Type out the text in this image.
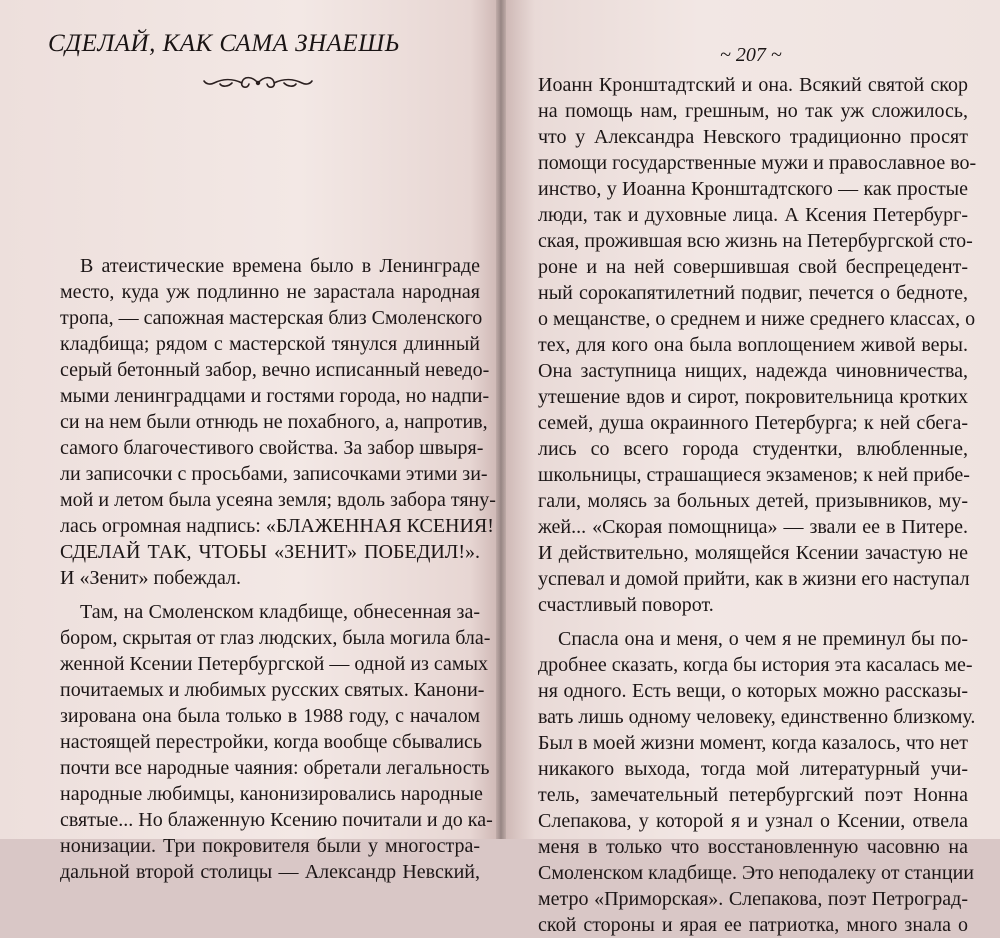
СДЕЛАЙ, КАК САМА ЗНАЕШЬ
В атеистические времена было в Ленинграде
место, куда уж подлинно не зарастала народная
тропа, — сапожная мастерская близ Смоленского
кладбища; рядом с мастерской тянулся длинный
серый бетонный забор, вечно исписанный неведо-
мыми ленинградцами и гостями города, но надпи-
си на нем были отнюдь не похабного, а, напротив,
самого благочестивого свойства. За забор швыря-
ли записочки с просьбами, записочками этими зи-
мой и летом была усеяна земля; вдоль забора тяну-
лась огромная надпись: «БЛАЖЕННАЯ КСЕНИЯ!
СДЕЛАЙ ТАК, ЧТОБЫ «ЗЕНИТ» ПОБЕДИЛ!».
И «Зенит» побеждал.
Там, на Смоленском кладбище, обнесенная за-
бором, скрытая от глаз людских, была могила бла-
женной Ксении Петербургской — одной из самых
почитаемых и любимых русских святых. Канони-
зирована она была только в 1988 году, с началом
настоящей перестройки, когда вообще сбывались
почти все народные чаяния: обретали легальность
народные любимцы, канонизировались народные
святые... Но блаженную Ксению почитали и до ка-
нонизации. Три покровителя были у многостра-
дальной второй столицы — Александр Невский,
Иоанн Кронштадтский и она. Всякий святой скор
на помощь нам, грешным, но так уж сложилось,
что у Александра Невского традиционно просят
помощи государственные мужи и православное во-
инство, у Иоанна Кронштадтского — как простые
люди, так и духовные лица. А Ксения Петербург-
ская, прожившая всю жизнь на Петербургской сто-
роне и на ней совершившая свой беспрецедент-
ный сорокапятилетний подвиг, печется о бедноте,
о мещанстве, о среднем и ниже среднего классах, о
тех, для кого она была воплощением живой веры.
Она заступница нищих, надежда чиновничества,
утешение вдов и сирот, покровительница кротких
семей, душа окраинного Петербурга; к ней сбега-
лись со всего города студентки, влюбленные,
школьницы, страшащиеся экзаменов; к ней прибе-
гали, молясь за больных детей, призывников, му-
жей... «Скорая помощница» — звали ее в Питере.
И действительно, молящейся Ксении зачастую не
успевал и домой прийти, как в жизни его наступал
счастливый поворот.
Спасла она и меня, о чем я не преминул бы по-
дробнее сказать, когда бы история эта касалась ме-
ня одного. Есть вещи, о которых можно рассказы-
вать лишь одному человеку, единственно близкому.
Был в моей жизни момент, когда казалось, что нет
никакого выхода, тогда мой литературный учи-
тель, замечательный петербургский поэт Нонна
Слепакова, у которой я и узнал о Ксении, отвела
меня в только что восстановленную часовню на
Смоленском кладбище. Это неподалеку от станции
метро «Приморская». Слепакова, поэт Петроград-
ской стороны и ярая ее патриотка, много знала о
~ 207 ~
